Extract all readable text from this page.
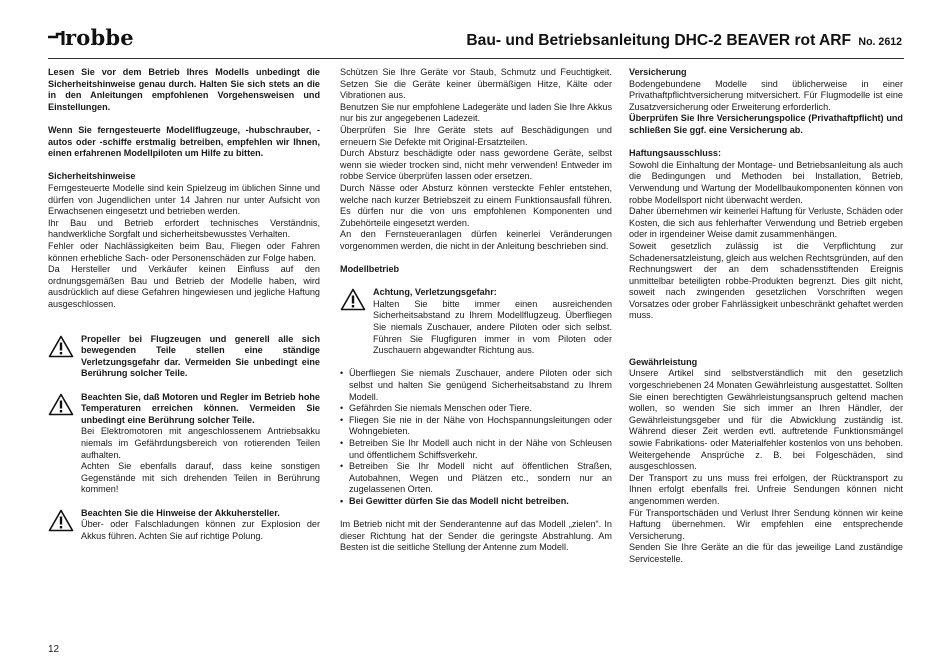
robbe	Bau- und Betriebsanleitung DHC-2 BEAVER rot ARF No. 2612

Lesen Sie vor dem Betrieb Ihres Modells unbedingt die Sicherheitshinweise genau durch. Halten Sie sich stets an die in den Anleitungen empfohlenen Vorgehensweisen und Einstellungen.

Wenn Sie ferngesteuerte Modellflugzeuge, -hubschrauber, -autos oder -schiffe erstmalig betreiben, empfehlen wir Ihnen, einen erfahrenen Modellpiloten um Hilfe zu bitten.

Sicherheitshinweise

Ferngesteuerte Modelle sind kein Spielzeug im üblichen Sinne und dürfen von Jugendlichen unter 14 Jahren nur unter Aufsicht von Erwachsenen eingesetzt und betrieben werden.

Ihr Bau und Betrieb erfordert technisches Verständnis, handwerkliche Sorgfalt und sicherheitsbewusstes Verhalten.

Fehler oder Nachlässigkeiten beim Bau, Fliegen oder Fahren können erhebliche Sach- oder Personenschäden zur Folge haben.

Da Hersteller und Verkäufer keinen Einfluss auf den ordnungsgemäßen Bau und Betrieb der Modelle haben, wird ausdrücklich auf diese Gefahren hingewiesen und jegliche Haftung ausgeschlossen.

Propeller bei Flugzeugen und generell alle sich bewegenden Teile stellen eine ständige Verletzungsgefahr dar. Vermeiden Sie unbedingt eine Berührung solcher Teile.

Beachten Sie, daß Motoren und Regler im Betrieb hohe Temperaturen erreichen können. Vermeiden Sie unbedingt eine Berührung solcher Teile.

Bei Elektromotoren mit angeschlossenem Antriebsakku niemals im Gefährdungsbereich von rotierenden Teilen aufhalten.

Achten Sie ebenfalls darauf, dass keine sonstigen Gegenstände mit sich drehenden Teilen in Berührung kommen!

Beachten Sie die Hinweise der Akkuhersteller.

Über- oder Falschladungen können zur Explosion der Akkus führen. Achten Sie auf richtige Polung.

Schützen Sie Ihre Geräte vor Staub, Schmutz und Feuchtigkeit. Setzen Sie die Geräte keiner übermäßigen Hitze, Kälte oder Vibrationen aus.

Benutzen Sie nur empfohlene Ladegeräte und laden Sie Ihre Akkus nur bis zur angegebenen Ladezeit.

Überprüfen Sie Ihre Geräte stets auf Beschädigungen und erneuern Sie Defekte mit Original-Ersatzteilen.

Durch Absturz beschädigte oder nass gewordene Geräte, selbst wenn sie wieder trocken sind, nicht mehr verwenden! Entweder im robbe Service überprüfen lassen oder ersetzen.

Durch Nässe oder Absturz können versteckte Fehler entstehen, welche nach kurzer Betriebszeit zu einem Funktionsausfall führen. Es dürfen nur die von uns empfohlenen Komponenten und Zubehörteile eingesetzt werden.

An den Fernsteueranlagen dürfen keinerlei Veränderungen vorgenommen werden, die nicht in der Anleitung beschrieben sind.

Modellbetrieb

Achtung, Verletzungsgefahr:

Halten Sie bitte immer einen ausreichenden Sicherheitsabstand zu Ihrem Modellflugzeug. Überfliegen Sie niemals Zuschauer, andere Piloten oder sich selbst. Führen Sie Flugfiguren immer in vom Piloten oder Zuschauern abgewandter Richtung aus.

• Überfliegen Sie niemals Zuschauer, andere Piloten oder sich selbst und halten Sie genügend Sicherheitsabstand zu Ihrem Modell.
• Gefährden Sie niemals Menschen oder Tiere.
• Fliegen Sie nie in der Nähe von Hochspannungsleitungen oder Wohngebieten.
• Betreiben Sie Ihr Modell auch nicht in der Nähe von Schleusen und öffentlichem Schiffsverkehr.
• Betreiben Sie Ihr Modell nicht auf öffentlichen Straßen, Autobahnen, Wegen und Plätzen etc., sondern nur an zugelassenen Orten.
• Bei Gewitter dürfen Sie das Modell nicht betreiben.

Im Betrieb nicht mit der Senderantenne auf das Modell „zielen“. In dieser Richtung hat der Sender die geringste Abstrahlung. Am Besten ist die seitliche Stellung der Antenne zum Modell.

Versicherung

Bodengebundene Modelle sind üblicherweise in einer Privathaftpflichtversicherung mitversichert. Für Flugmodelle ist eine Zusatzversicherung oder Erweiterung erforderlich.

Überprüfen Sie Ihre Versicherungspolice (Privathaftpflicht) und schließen Sie ggf. eine Versicherung ab.

Haftungsausschluss:

Sowohl die Einhaltung der Montage- und Betriebsanleitung als auch die Bedingungen und Methoden bei Installation, Betrieb, Verwendung und Wartung der Modellbaukomponenten können von robbe Modellsport nicht überwacht werden.

Daher übernehmen wir keinerlei Haftung für Verluste, Schäden oder Kosten, die sich aus fehlerhafter Verwendung und Betrieb ergeben oder in irgendeiner Weise damit zusammenhängen.

Soweit gesetzlich zulässig ist die Verpflichtung zur Schadenersatzleistung, gleich aus welchen Rechtsgründen, auf den Rechnungswert der an dem schadensstiftenden Ereignis unmittelbar beteiligten robbe-Produkten begrenzt. Dies gilt nicht, soweit nach zwingenden gesetzlichen Vorschriften wegen Vorsatzes oder grober Fahrlässigkeit unbeschränkt gehaftet werden muss.

Gewährleistung

Unsere Artikel sind selbstverständlich mit den gesetzlich vorgeschriebenen 24 Monaten Gewährleistung ausgestattet. Sollten Sie einen berechtigten Gewährleistungsanspruch geltend machen wollen, so wenden Sie sich immer an Ihren Händler, der Gewährleistungsgeber und für die Abwicklung zuständig ist. Während dieser Zeit werden evtl. auftretende Funktionsmängel sowie Fabrikations- oder Materialfehler kostenlos von uns behoben. Weitergehende Ansprüche z. B. bei Folgeschäden, sind ausgeschlossen.

Der Transport zu uns muss frei erfolgen, der Rücktransport zu Ihnen erfolgt ebenfalls frei. Unfreie Sendungen können nicht angenommen werden.

Für Transportschäden und Verlust Ihrer Sendung können wir keine Haftung übernehmen. Wir empfehlen eine entsprechende Versicherung.

Senden Sie Ihre Geräte an die für das jeweilige Land zuständige Servicestelle.

12
